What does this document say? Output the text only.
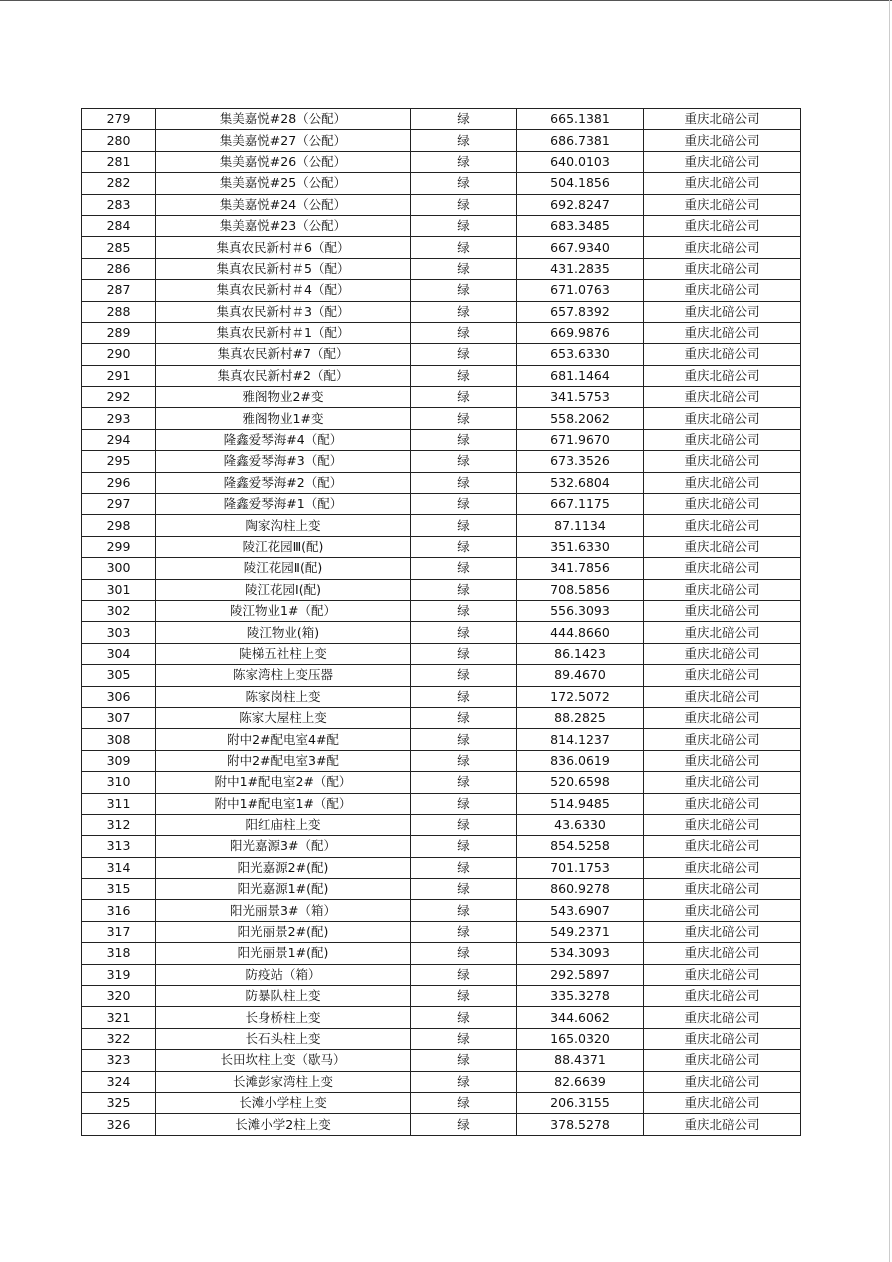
279	集美嘉悦#28（公配）	绿	665.1381	重庆北碚公司
280	集美嘉悦#27（公配）	绿	686.7381	重庆北碚公司
281	集美嘉悦#26（公配）	绿	640.0103	重庆北碚公司
282	集美嘉悦#25（公配）	绿	504.1856	重庆北碚公司
283	集美嘉悦#24（公配）	绿	692.8247	重庆北碚公司
284	集美嘉悦#23（公配）	绿	683.3485	重庆北碚公司
285	集真农民新村＃6（配）	绿	667.9340	重庆北碚公司
286	集真农民新村＃5（配）	绿	431.2835	重庆北碚公司
287	集真农民新村＃4（配）	绿	671.0763	重庆北碚公司
288	集真农民新村＃3（配）	绿	657.8392	重庆北碚公司
289	集真农民新村＃1（配）	绿	669.9876	重庆北碚公司
290	集真农民新村#7（配）	绿	653.6330	重庆北碚公司
291	集真农民新村#2（配）	绿	681.1464	重庆北碚公司
292	雅阁物业2#变	绿	341.5753	重庆北碚公司
293	雅阁物业1#变	绿	558.2062	重庆北碚公司
294	隆鑫爱琴海#4（配）	绿	671.9670	重庆北碚公司
295	隆鑫爱琴海#3（配）	绿	673.3526	重庆北碚公司
296	隆鑫爱琴海#2（配）	绿	532.6804	重庆北碚公司
297	隆鑫爱琴海#1（配）	绿	667.1175	重庆北碚公司
298	陶家沟柱上变	绿	87.1134	重庆北碚公司
299	陵江花园Ⅲ(配)	绿	351.6330	重庆北碚公司
300	陵江花园Ⅱ(配)	绿	341.7856	重庆北碚公司
301	陵江花园Ⅰ(配)	绿	708.5856	重庆北碚公司
302	陵江物业1#（配）	绿	556.3093	重庆北碚公司
303	陵江物业(箱)	绿	444.8660	重庆北碚公司
304	陡梯五社柱上变	绿	86.1423	重庆北碚公司
305	陈家湾柱上变压器	绿	89.4670	重庆北碚公司
306	陈家岗柱上变	绿	172.5072	重庆北碚公司
307	陈家大屋柱上变	绿	88.2825	重庆北碚公司
308	附中2#配电室4#配	绿	814.1237	重庆北碚公司
309	附中2#配电室3#配	绿	836.0619	重庆北碚公司
310	附中1#配电室2#（配）	绿	520.6598	重庆北碚公司
311	附中1#配电室1#（配）	绿	514.9485	重庆北碚公司
312	阳红庙柱上变	绿	43.6330	重庆北碚公司
313	阳光嘉源3#（配）	绿	854.5258	重庆北碚公司
314	阳光嘉源2#(配)	绿	701.1753	重庆北碚公司
315	阳光嘉源1#(配)	绿	860.9278	重庆北碚公司
316	阳光丽景3#（箱）	绿	543.6907	重庆北碚公司
317	阳光丽景2#(配)	绿	549.2371	重庆北碚公司
318	阳光丽景1#(配)	绿	534.3093	重庆北碚公司
319	防疫站（箱）	绿	292.5897	重庆北碚公司
320	防暴队柱上变	绿	335.3278	重庆北碚公司
321	长身桥柱上变	绿	344.6062	重庆北碚公司
322	长石头柱上变	绿	165.0320	重庆北碚公司
323	长田坎柱上变（歇马）	绿	88.4371	重庆北碚公司
324	长滩彭家湾柱上变	绿	82.6639	重庆北碚公司
325	长滩小学柱上变	绿	206.3155	重庆北碚公司
326	长滩小学2柱上变	绿	378.5278	重庆北碚公司
